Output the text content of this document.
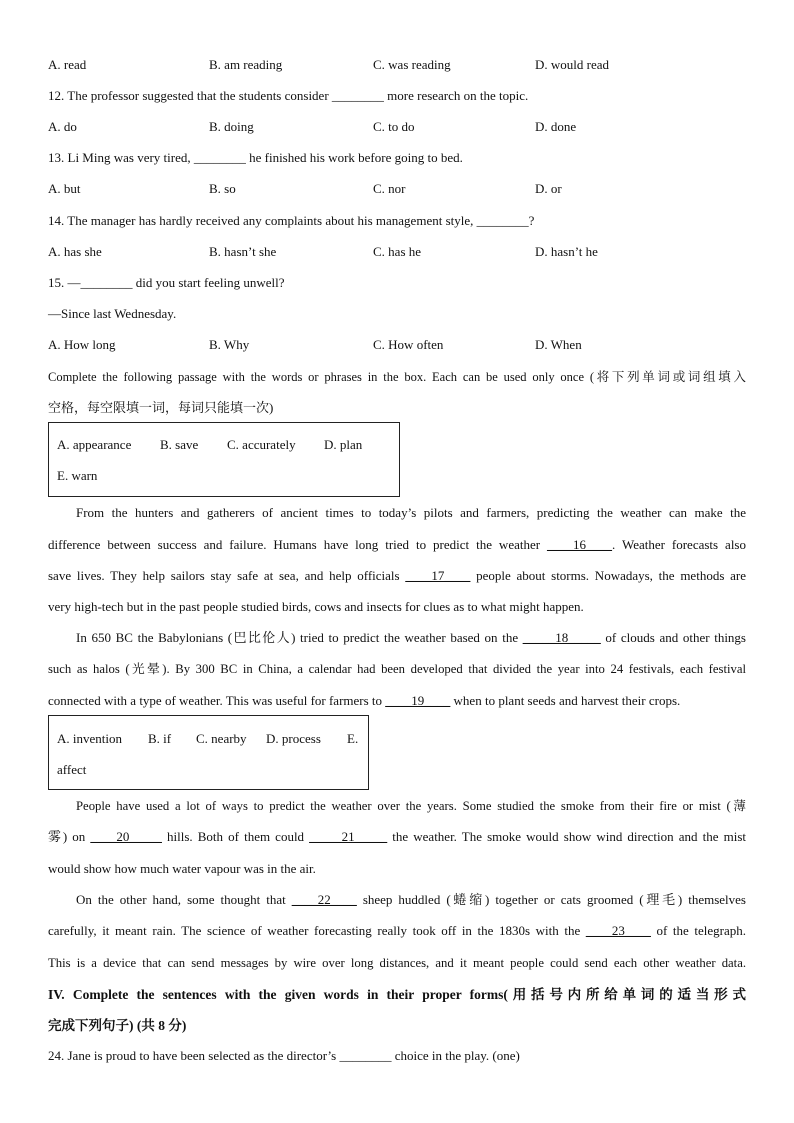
A. read	B. am reading	C. was reading	D. would read
12. The professor suggested that the students consider ________ more research on the topic.
A. do	B. doing	C. to do	D. done
13. Li Ming was very tired, ________ he finished his work before going to bed.
A. but	B. so	C. nor	D. or
14. The manager has hardly received any complaints about his management style, ________?
A. has she	B. hasn’t she	C. has he	D. hasn’t he
15. —________ did you start feeling unwell?
—Since last Wednesday.
A. How long	B. Why	C. How often	D. When
Complete the following passage with the words or phrases in the box. Each can be used only once (将下列单词或词组填入
空格，每空限填一词，每词只能填一次)
A. appearance B. save C. accurately D. plan
E. warn
From the hunters and gatherers of ancient times to today’s pilots and farmers, predicting the weather can make the
difference between success and failure. Humans have long tried to predict the weather ____16____. Weather forecasts also
save lives. They help sailors stay safe at sea, and help officials ____17____ people about storms. Nowadays, the methods are
very high-tech but in the past people studied birds, cows and insects for clues as to what might happen.
In 650 BC the Babylonians (巴比伦人) tried to predict the weather based on the _____18_____ of clouds and other things
such as halos (光晕). By 300 BC in China, a calendar had been developed that divided the year into 24 festivals, each festival
connected with a type of weather. This was useful for farmers to ____19____ when to plant seeds and harvest their crops.
A. invention B. if C. nearby D. process E.
affect
People have used a lot of ways to predict the weather over the years. Some studied the smoke from their fire or mist (薄
雾) on ____20_____ hills. Both of them could _____21_____ the weather. The smoke would show wind direction and the mist
would show how much water vapour was in the air.
On the other hand, some thought that ____22____ sheep huddled (蜷缩) together or cats groomed (理毛) themselves
carefully, it meant rain. The science of weather forecasting really took off in the 1830s with the ____23____ of the telegraph.
This is a device that can send messages by wire over long distances, and it meant people could send each other weather data.
IV. Complete the sentences with the given words in their proper forms(用括号内所给单词的适当形式
完成下列句子) (共 8 分)
24. Jane is proud to have been selected as the director’s ________ choice in the play. (one)
